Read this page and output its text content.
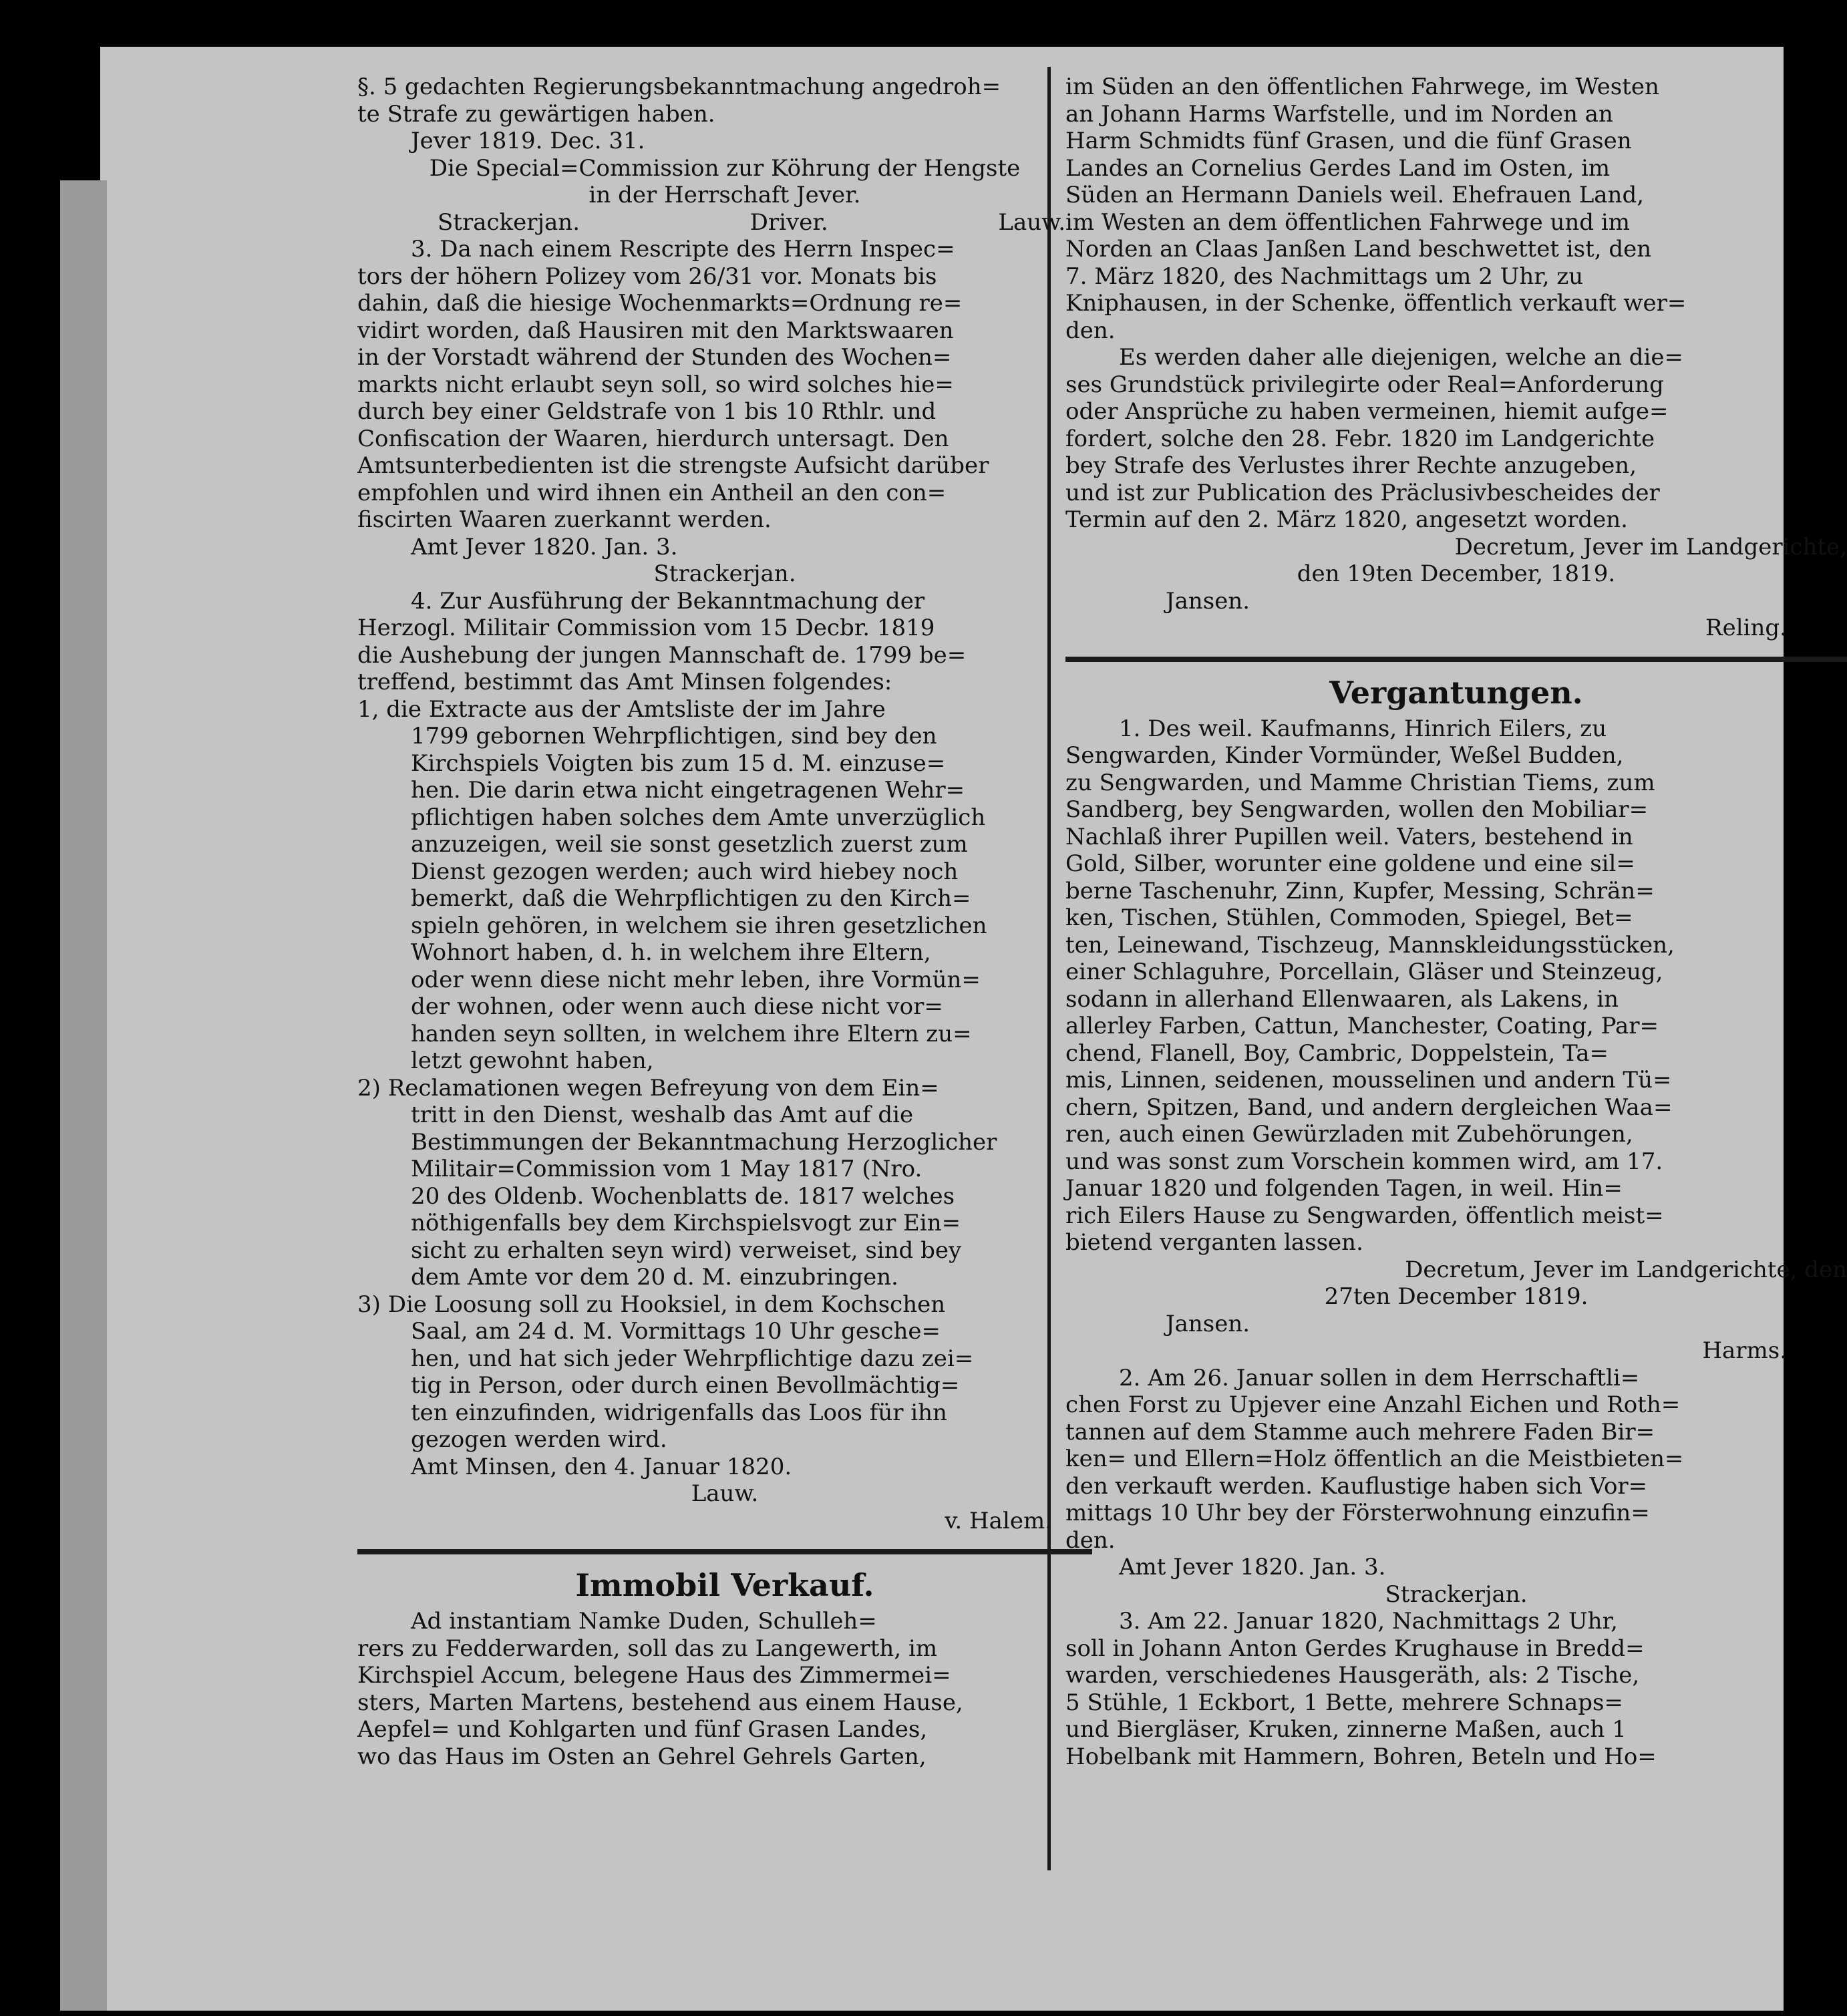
§. 5 gedachten Regierungsbekanntmachung angedroh=
te Strafe zu gewärtigen haben.
Jever 1819. Dec. 31.
Die Special=Commission zur Köhrung der Hengste
in der Herrschaft Jever.
Strackerjan.	Driver.	Lauw.
3. Da nach einem Rescripte des Herrn Inspec=
tors der höhern Polizey vom 26/31 vor. Monats bis
dahin, daß die hiesige Wochenmarkts=Ordnung re=
vidirt worden, daß Hausiren mit den Marktswaaren
in der Vorstadt während der Stunden des Wochen=
markts nicht erlaubt seyn soll, so wird solches hie=
durch bey einer Geldstrafe von 1 bis 10 Rthlr. und
Confiscation der Waaren, hierdurch untersagt. Den
Amtsunterbedienten ist die strengste Aufsicht darüber
empfohlen und wird ihnen ein Antheil an den con=
fiscirten Waaren zuerkannt werden.
Amt Jever 1820. Jan. 3.
Strackerjan.
4. Zur Ausführung der Bekanntmachung der
Herzogl. Militair Commission vom 15 Decbr. 1819
die Aushebung der jungen Mannschaft de. 1799 be=
treffend, bestimmt das Amt Minsen folgendes:
1, die Extracte aus der Amtsliste der im Jahre
1799 gebornen Wehrpflichtigen, sind bey den
Kirchspiels Voigten bis zum 15 d. M. einzuse=
hen. Die darin etwa nicht eingetragenen Wehr=
pflichtigen haben solches dem Amte unverzüglich
anzuzeigen, weil sie sonst gesetzlich zuerst zum
Dienst gezogen werden; auch wird hiebey noch
bemerkt, daß die Wehrpflichtigen zu den Kirch=
spieln gehören, in welchem sie ihren gesetzlichen
Wohnort haben, d. h. in welchem ihre Eltern,
oder wenn diese nicht mehr leben, ihre Vormün=
der wohnen, oder wenn auch diese nicht vor=
handen seyn sollten, in welchem ihre Eltern zu=
letzt gewohnt haben,
2) Reclamationen wegen Befreyung von dem Ein=
tritt in den Dienst, weshalb das Amt auf die
Bestimmungen der Bekanntmachung Herzoglicher
Militair=Commission vom 1 May 1817 (Nro.
20 des Oldenb. Wochenblatts de. 1817 welches
nöthigenfalls bey dem Kirchspielsvogt zur Ein=
sicht zu erhalten seyn wird) verweiset, sind bey
dem Amte vor dem 20 d. M. einzubringen.
3) Die Loosung soll zu Hooksiel, in dem Kochschen
Saal, am 24 d. M. Vormittags 10 Uhr gesche=
hen, und hat sich jeder Wehrpflichtige dazu zei=
tig in Person, oder durch einen Bevollmächtig=
ten einzufinden, widrigenfalls das Loos für ihn
gezogen werden wird.
Amt Minsen, den 4. Januar 1820.
Lauw.
v. Halem.
Immobil Verkauf.
Ad instantiam Namke Duden, Schulleh=
rers zu Fedderwarden, soll das zu Langewerth, im
Kirchspiel Accum, belegene Haus des Zimmermei=
sters, Marten Martens, bestehend aus einem Hause,
Aepfel= und Kohlgarten und fünf Grasen Landes,
wo das Haus im Osten an Gehrel Gehrels Garten,
im Süden an den öffentlichen Fahrwege, im Westen
an Johann Harms Warfstelle, und im Norden an
Harm Schmidts fünf Grasen, und die fünf Grasen
Landes an Cornelius Gerdes Land im Osten, im
Süden an Hermann Daniels weil. Ehefrauen Land,
im Westen an dem öffentlichen Fahrwege und im
Norden an Claas Janßen Land beschwettet ist, den
7. März 1820, des Nachmittags um 2 Uhr, zu
Kniphausen, in der Schenke, öffentlich verkauft wer=
den.
Es werden daher alle diejenigen, welche an die=
ses Grundstück privilegirte oder Real=Anforderung
oder Ansprüche zu haben vermeinen, hiemit aufge=
fordert, solche den 28. Febr. 1820 im Landgerichte
bey Strafe des Verlustes ihrer Rechte anzugeben,
und ist zur Publication des Präclusivbescheides der
Termin auf den 2. März 1820, angesetzt worden.
Decretum, Jever im Landgerichte,
den 19ten December, 1819.
Jansen.
Reling.
Vergantungen.
1. Des weil. Kaufmanns, Hinrich Eilers, zu
Sengwarden, Kinder Vormünder, Weßel Budden,
zu Sengwarden, und Mamme Christian Tiems, zum
Sandberg, bey Sengwarden, wollen den Mobiliar=
Nachlaß ihrer Pupillen weil. Vaters, bestehend in
Gold, Silber, worunter eine goldene und eine sil=
berne Taschenuhr, Zinn, Kupfer, Messing, Schrän=
ken, Tischen, Stühlen, Commoden, Spiegel, Bet=
ten, Leinewand, Tischzeug, Mannskleidungsstücken,
einer Schlaguhre, Porcellain, Gläser und Steinzeug,
sodann in allerhand Ellenwaaren, als Lakens, in
allerley Farben, Cattun, Manchester, Coating, Par=
chend, Flanell, Boy, Cambric, Doppelstein, Ta=
mis, Linnen, seidenen, mousselinen und andern Tü=
chern, Spitzen, Band, und andern dergleichen Waa=
ren, auch einen Gewürzladen mit Zubehörungen,
und was sonst zum Vorschein kommen wird, am 17.
Januar 1820 und folgenden Tagen, in weil. Hin=
rich Eilers Hause zu Sengwarden, öffentlich meist=
bietend verganten lassen.
Decretum, Jever im Landgerichte, den
27ten December 1819.
Jansen.
Harms.
2. Am 26. Januar sollen in dem Herrschaftli=
chen Forst zu Upjever eine Anzahl Eichen und Roth=
tannen auf dem Stamme auch mehrere Faden Bir=
ken= und Ellern=Holz öffentlich an die Meistbieten=
den verkauft werden. Kauflustige haben sich Vor=
mittags 10 Uhr bey der Försterwohnung einzufin=
den.
Amt Jever 1820. Jan. 3.
Strackerjan.
3. Am 22. Januar 1820, Nachmittags 2 Uhr,
soll in Johann Anton Gerdes Krughause in Bredd=
warden, verschiedenes Hausgeräth, als: 2 Tische,
5 Stühle, 1 Eckbort, 1 Bette, mehrere Schnaps=
und Biergläser, Kruken, zinnerne Maßen, auch 1
Hobelbank mit Hammern, Bohren, Beteln und Ho=
